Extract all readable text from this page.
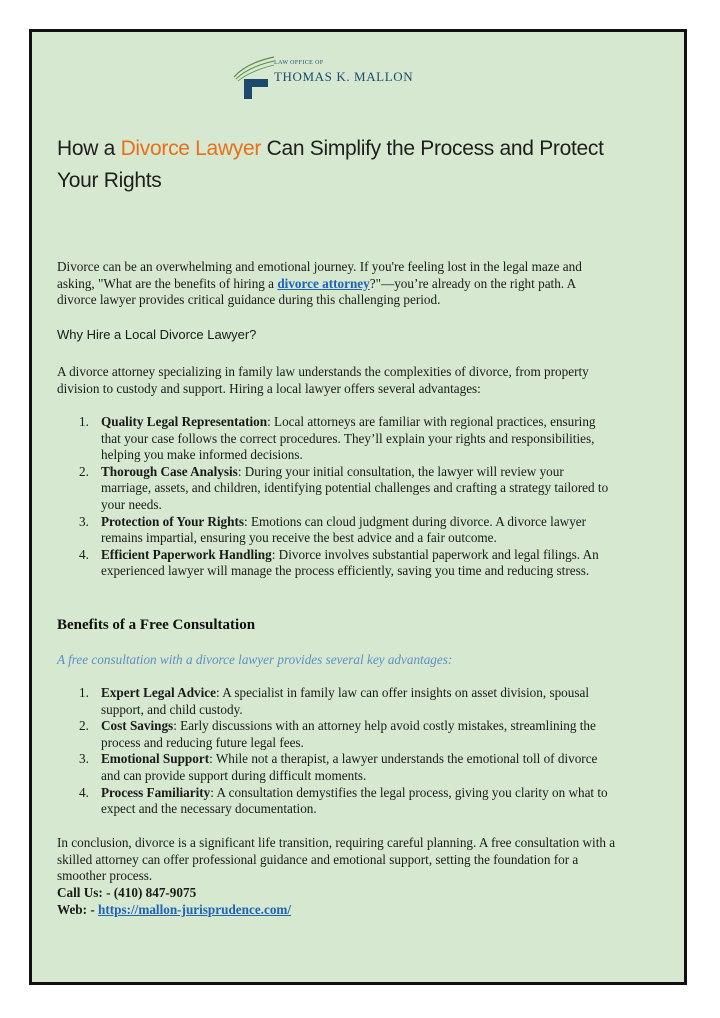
LAW OFFICE OF
THOMAS K. MALLON
How a Divorce Lawyer Can Simplify the Process and Protect Your Rights

Divorce can be an overwhelming and emotional journey. If you're feeling lost in the legal maze and asking, "What are the benefits of hiring a divorce attorney?"—you’re already on the right path. A divorce lawyer provides critical guidance during this challenging period.

Why Hire a Local Divorce Lawyer?

A divorce attorney specializing in family law understands the complexities of divorce, from property division to custody and support. Hiring a local lawyer offers several advantages:

1. Quality Legal Representation: Local attorneys are familiar with regional practices, ensuring that your case follows the correct procedures. They’ll explain your rights and responsibilities, helping you make informed decisions.
2. Thorough Case Analysis: During your initial consultation, the lawyer will review your marriage, assets, and children, identifying potential challenges and crafting a strategy tailored to your needs.
3. Protection of Your Rights: Emotions can cloud judgment during divorce. A divorce lawyer remains impartial, ensuring you receive the best advice and a fair outcome.
4. Efficient Paperwork Handling: Divorce involves substantial paperwork and legal filings. An experienced lawyer will manage the process efficiently, saving you time and reducing stress.

Benefits of a Free Consultation

A free consultation with a divorce lawyer provides several key advantages:

1. Expert Legal Advice: A specialist in family law can offer insights on asset division, spousal support, and child custody.
2. Cost Savings: Early discussions with an attorney help avoid costly mistakes, streamlining the process and reducing future legal fees.
3. Emotional Support: While not a therapist, a lawyer understands the emotional toll of divorce and can provide support during difficult moments.
4. Process Familiarity: A consultation demystifies the legal process, giving you clarity on what to expect and the necessary documentation.

In conclusion, divorce is a significant life transition, requiring careful planning. A free consultation with a skilled attorney can offer professional guidance and emotional support, setting the foundation for a smoother process.

Call Us: - (410) 847-9075

Web: - https://mallon-jurisprudence.com/
